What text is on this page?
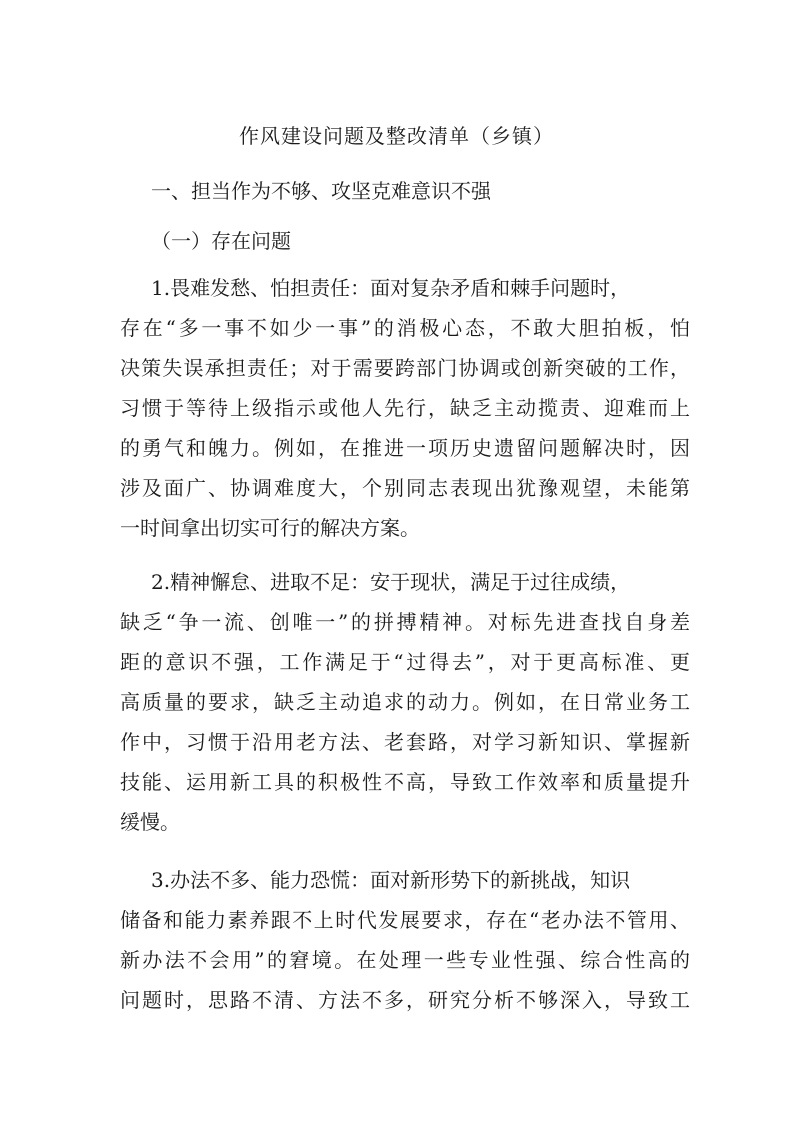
作风建设问题及整改清单（乡镇）
一、担当作为不够、攻坚克难意识不强
（一）存在问题
1.畏难发愁、怕担责任：面对复杂矛盾和棘手问题时，
存在“多一事不如少一事”的消极心态，不敢大胆拍板，怕
决策失误承担责任；对于需要跨部门协调或创新突破的工作，
习惯于等待上级指示或他人先行，缺乏主动揽责、迎难而上
的勇气和魄力。例如，在推进一项历史遗留问题解决时，因
涉及面广、协调难度大，个别同志表现出犹豫观望，未能第
一时间拿出切实可行的解决方案。
2.精神懈怠、进取不足：安于现状，满足于过往成绩，
缺乏“争一流、创唯一”的拼搏精神。对标先进查找自身差
距的意识不强，工作满足于“过得去”，对于更高标准、更
高质量的要求，缺乏主动追求的动力。例如，在日常业务工
作中，习惯于沿用老方法、老套路，对学习新知识、掌握新
技能、运用新工具的积极性不高，导致工作效率和质量提升
缓慢。
3.办法不多、能力恐慌：面对新形势下的新挑战，知识
储备和能力素养跟不上时代发展要求，存在“老办法不管用、
新办法不会用”的窘境。在处理一些专业性强、综合性高的
问题时，思路不清、方法不多，研究分析不够深入，导致工
